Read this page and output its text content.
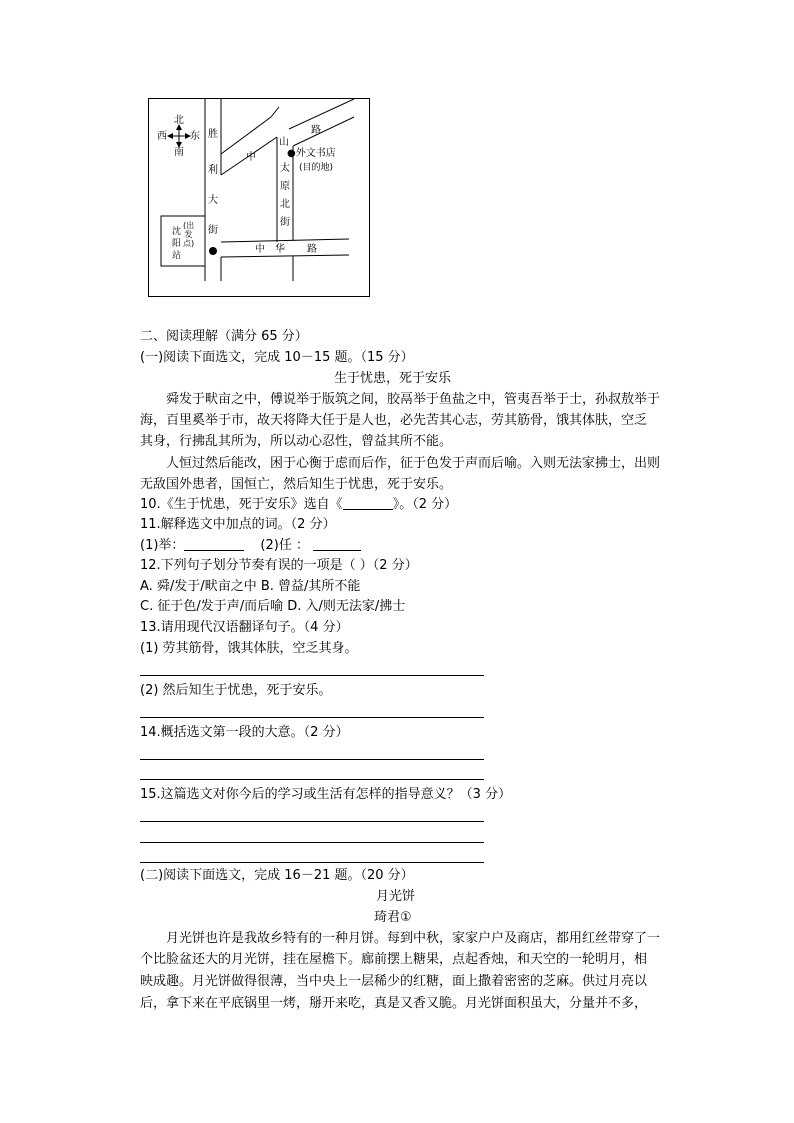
北
南
西 东 胜
利
大
街
中
山
路
太
原
北
街
中 华 路
●外文书店
(目的地)
(出发点)
沈阳站
二、阅读理解（满分 65 分）
(一)阅读下面选文，完成 10－15 题。（15 分）
生于忧患，死于安乐
舜发于畎亩之中，傅说举于版筑之间，胶鬲举于鱼盐之中，管夷吾举于士，孙叔敖举于
海，百里奚举于市，故天将降大任于是人也，必先苦其心志，劳其筋骨，饿其体肤，空乏
其身，行拂乱其所为，所以动心忍性，曾益其所不能。
人恒过然后能改，困于心衡于虑而后作，征于色发于声而后喻。入则无法家拂士，出则
无敌国外患者，国恒亡，然后知生于忧患，死于安乐。
10.《生于忧患，死于安乐》选自《	》。（2 分）
11.解释选文中加点的词。（2 分）
(1)举：	(2)任 ：
12.下列句子划分节奏有误的一项是（ ）（2 分）
A. 舜/发于/畎亩之中 B. 曾益/其所不能
C. 征于色/发于声/而后喻 D. 入/则无法家/拂士
13.请用现代汉语翻译句子。（4 分）
(1) 劳其筋骨，饿其体肤，空乏其身。
(2) 然后知生于忧患，死于安乐。
14.概括选文第一段的大意。（2 分）
15.这篇选文对你今后的学习或生活有怎样的指导意义？（3 分）
(二)阅读下面选文，完成 16－21 题。（20 分）
月光饼
琦君①
月光饼也许是我故乡特有的一种月饼。每到中秋，家家户户及商店，都用红丝带穿了一
个比脸盆还大的月光饼，挂在屋檐下。廊前摆上糖果，点起香烛，和天空的一轮明月，相
映成趣。月光饼做得很薄，当中央上一层稀少的红糖，面上撒着密密的芝麻。供过月亮以
后，拿下来在平底锅里一烤，掰开来吃，真是又香又脆。月光饼面积虽大，分量并不多，
